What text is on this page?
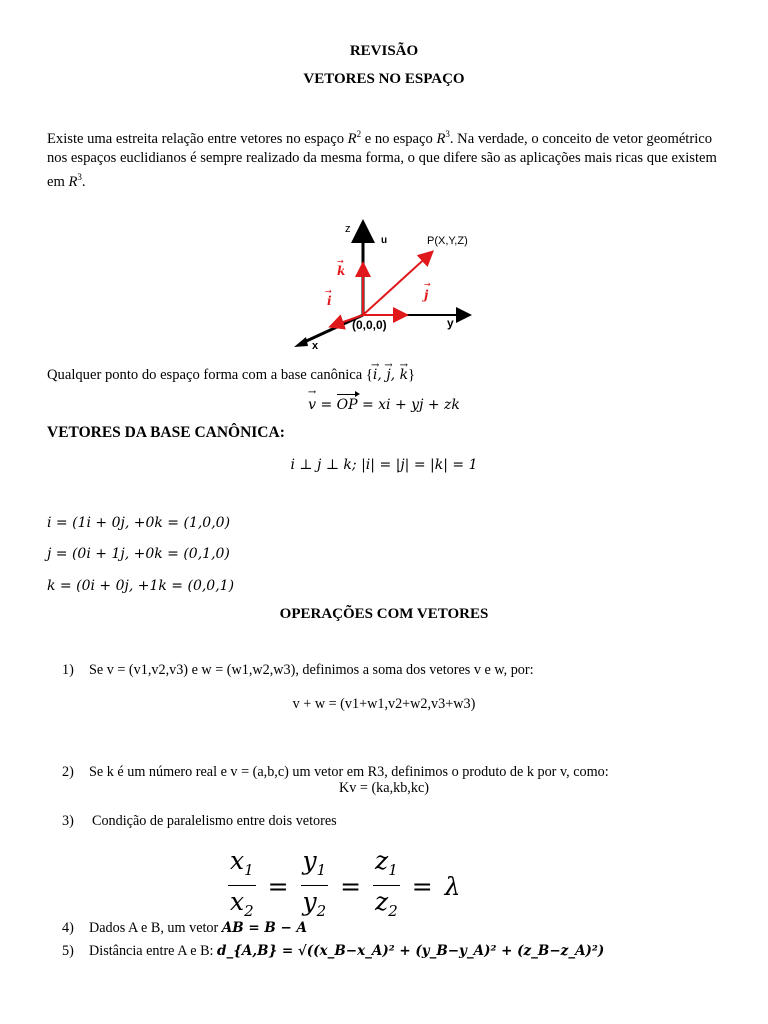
REVISÃO
VETORES NO ESPAÇO
Existe uma estreita relação entre vetores no espaço $R^2$ e no espaço $R^3$. Na verdade, o conceito de vetor geométrico nos espaços euclidianos é sempre realizado da mesma forma, o que difere são as aplicações mais ricas que existem em $R^3$.
z
u	P(X,Y,Z)
k
→
i
→	j
→
(0,0,0)	y
x
Qualquer ponto do espaço forma com a base canônica {→ i, → j, → k}
→ v = OP = xi + yj + zk
VETORES DA BASE CANÔNICA:
i ⊥ j ⊥ k; |i| = |j| = |k| = 1
i = (1i + 0j, +0k = (1,0,0)
j = (0i + 1j, +0k = (0,1,0)
k = (0i + 0j, +1k = (0,0,1)
OPERAÇÕES COM VETORES
1) Se v = (v1,v2,v3) e w = (w1,w2,w3), definimos a soma dos vetores v e w, por:
v + w = (v1+w1,v2+w2,v3+w3)
2) Se k é um número real e v = (a,b,c) um vetor em R3, definimos o produto de k por v, como:
Kv = (ka,kb,kc)
3) Condição de paralelismo entre dois vetores
$\frac{x_1}{x_2} = \frac{y_1}{y_2} = \frac{z_1}{z_2} = \lambda$
4) Dados A e B, um vetor AB = B − A
5) Distância entre A e B: d_{A,B} = √((x_B−x_A)² + (y_B−y_A)² + (z_B−z_A)²)
